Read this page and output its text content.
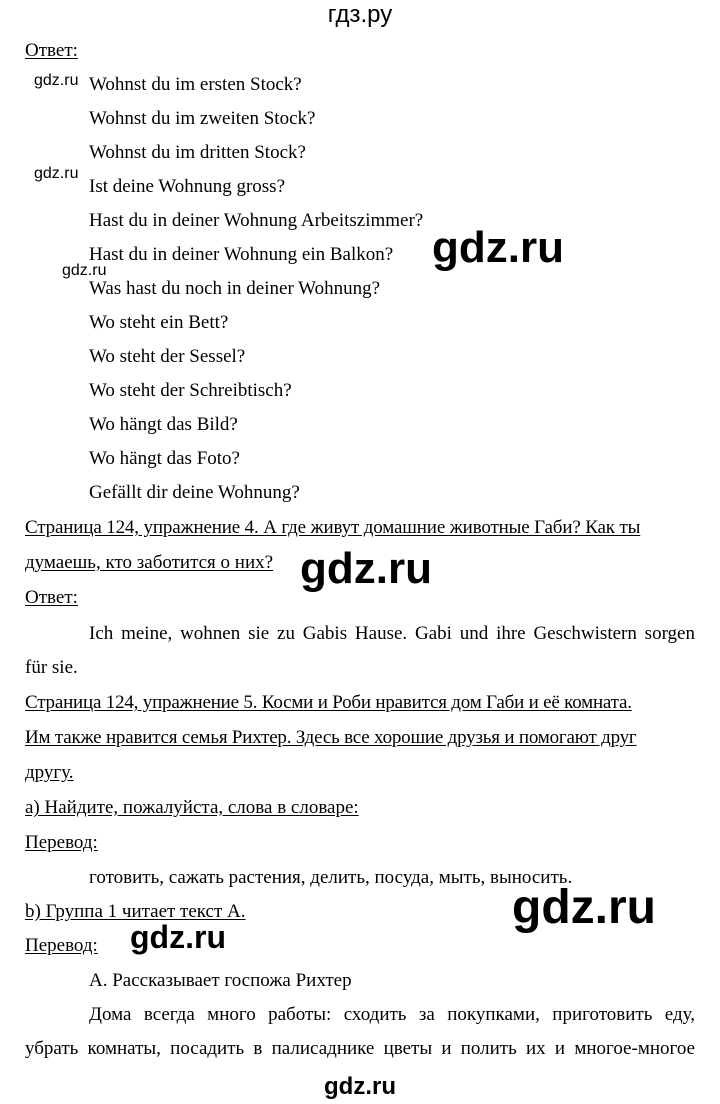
гдз.ру
Ответ:
Wohnst du im ersten Stock?
Wohnst du im zweiten Stock?
Wohnst du im dritten Stock?
Ist deine Wohnung gross?
Hast du in deiner Wohnung Arbeitszimmer?
Hast du in deiner Wohnung ein Balkon?
Was hast du noch in deiner Wohnung?
Wo steht ein Bett?
Wo steht der Sessel?
Wo steht der Schreibtisch?
Wo hängt das Bild?
Wo hängt das Foto?
Gefällt dir deine Wohnung?
Страница 124, упражнение 4. А где живут домашние животные Габи? Как ты
думаешь, кто заботится о них?
Ответ:
Ich meine, wohnen sie zu Gabis Hause. Gabi und ihre Geschwistern sorgen
für sie.
Страница 124, упражнение 5. Косми и Роби нравится дом Габи и её комната.
Им также нравится семья Рихтер. Здесь все хорошие друзья и помогают друг
другу.
a) Найдите, пожалуйста, слова в словаре:
Перевод:
готовить, сажать растения, делить, посуда, мыть, выносить.
b) Группа 1 читает текст А.
Перевод:
А. Рассказывает госпожа Рихтер
Дома всегда много работы: сходить за покупками, приготовить еду,
убрать комнаты, посадить в палисаднике цветы и полить их и многое-многое
gdz.ru
gdz.ru
gdz.ru	gdz.ru
gdz.ru
gdz.ru
gdz.ru
gdz.ru
